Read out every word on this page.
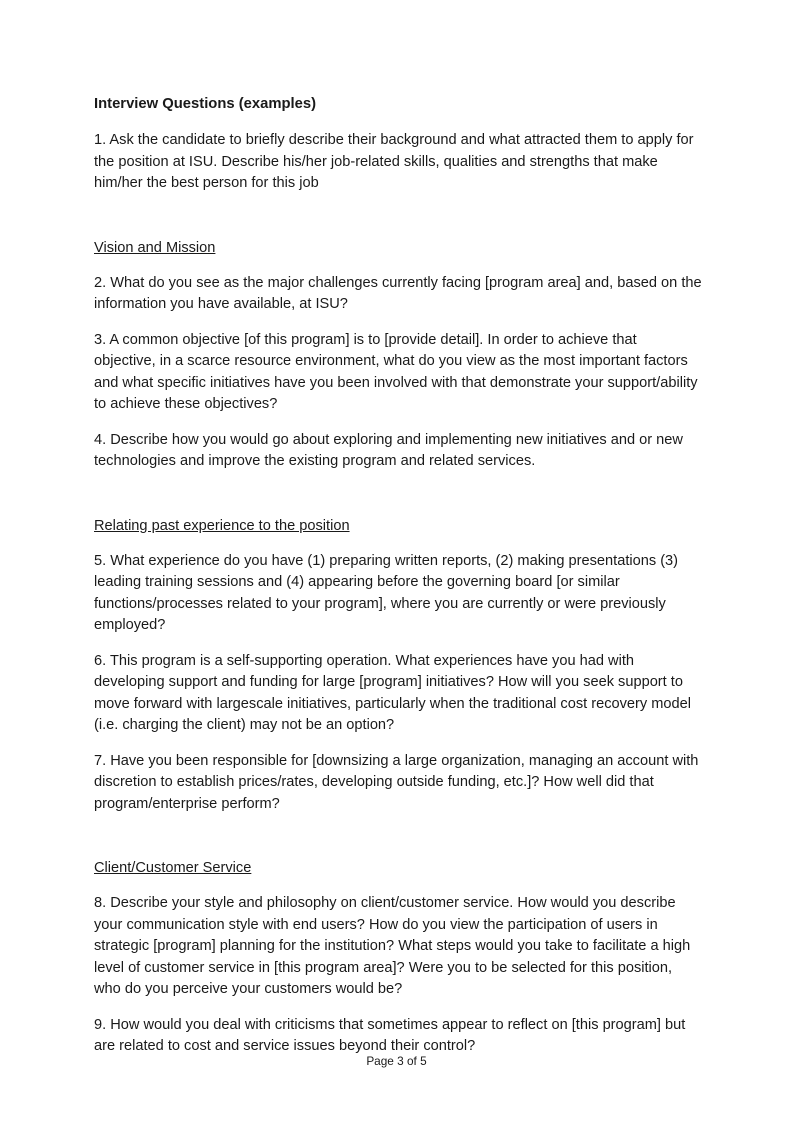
Interview Questions (examples)

1. Ask the candidate to briefly describe their background and what attracted them to apply for the position at ISU. Describe his/her job-related skills, qualities and strengths that make him/her the best person for this job

Vision and Mission

2. What do you see as the major challenges currently facing [program area] and, based on the information you have available, at ISU?

3. A common objective [of this program] is to [provide detail]. In order to achieve that objective, in a scarce resource environment, what do you view as the most important factors and what specific initiatives have you been involved with that demonstrate your support/ability to achieve these objectives?

4. Describe how you would go about exploring and implementing new initiatives and or new technologies and improve the existing program and related services.

Relating past experience to the position

5. What experience do you have (1) preparing written reports, (2) making presentations (3) leading training sessions and (4) appearing before the governing board [or similar functions/processes related to your program], where you are currently or were previously employed?

6. This program is a self-supporting operation. What experiences have you had with developing support and funding for large [program] initiatives? How will you seek support to move forward with largescale initiatives, particularly when the traditional cost recovery model (i.e. charging the client) may not be an option?

7. Have you been responsible for [downsizing a large organization, managing an account with discretion to establish prices/rates, developing outside funding, etc.]? How well did that program/enterprise perform?

Client/Customer Service

8. Describe your style and philosophy on client/customer service. How would you describe your communication style with end users? How do you view the participation of users in strategic [program] planning for the institution? What steps would you take to facilitate a high level of customer service in [this program area]? Were you to be selected for this position, who do you perceive your customers would be?

9. How would you deal with criticisms that sometimes appear to reflect on [this program] but are related to cost and service issues beyond their control?

Page 3 of 5
